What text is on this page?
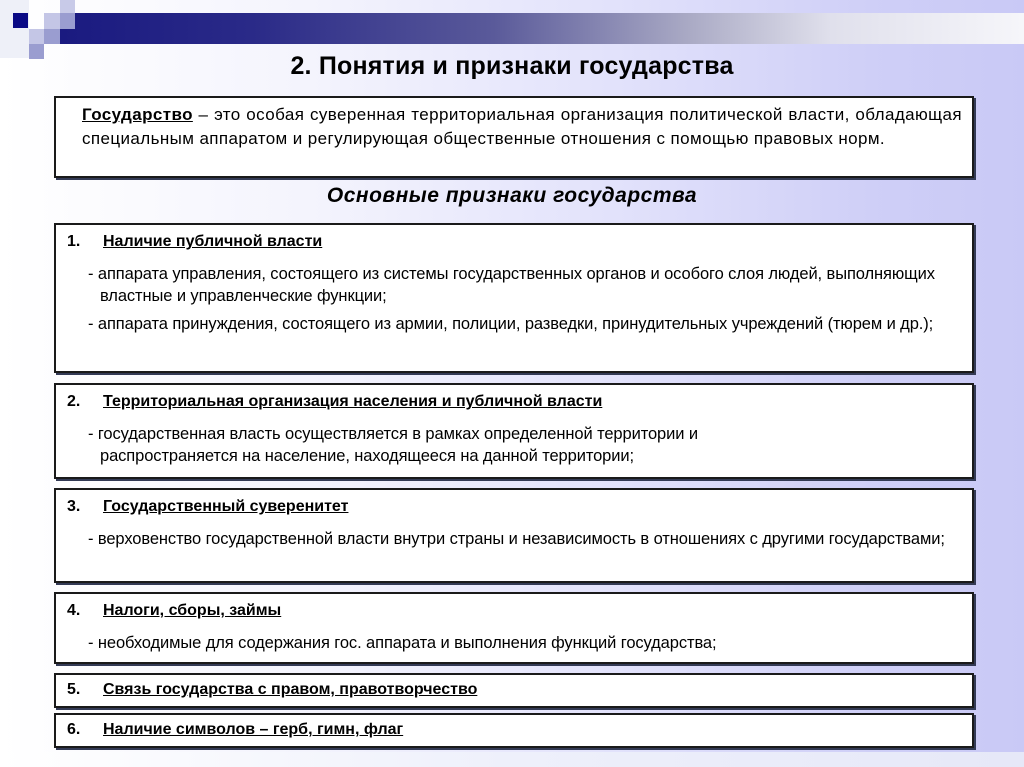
2. Понятия и признаки государства
Государство – это особая суверенная территориальная организация политической власти, обладающая специальным аппаратом и регулирующая общественные отношения с помощью правовых норм.
Основные признаки государства
1.	Наличие публичной власти
- аппарата управления, состоящего из системы государственных органов и особого слоя людей, выполняющих властные и управленческие функции;
- аппарата принуждения, состоящего из армии, полиции, разведки, принудительных учреждений (тюрем и др.);
2.	Территориальная организация населения и публичной власти
- государственная власть осуществляется в рамках определенной территории и распространяется на население, находящееся на данной территории;
3.	Государственный суверенитет
- верховенство государственной власти внутри страны и независимость в отношениях с другими государствами;
4.	Налоги, сборы, займы
- необходимые для содержания гос. аппарата и выполнения функций государства;
5.	Связь государства с правом, правотворчество
6.	Наличие символов – герб, гимн, флаг
